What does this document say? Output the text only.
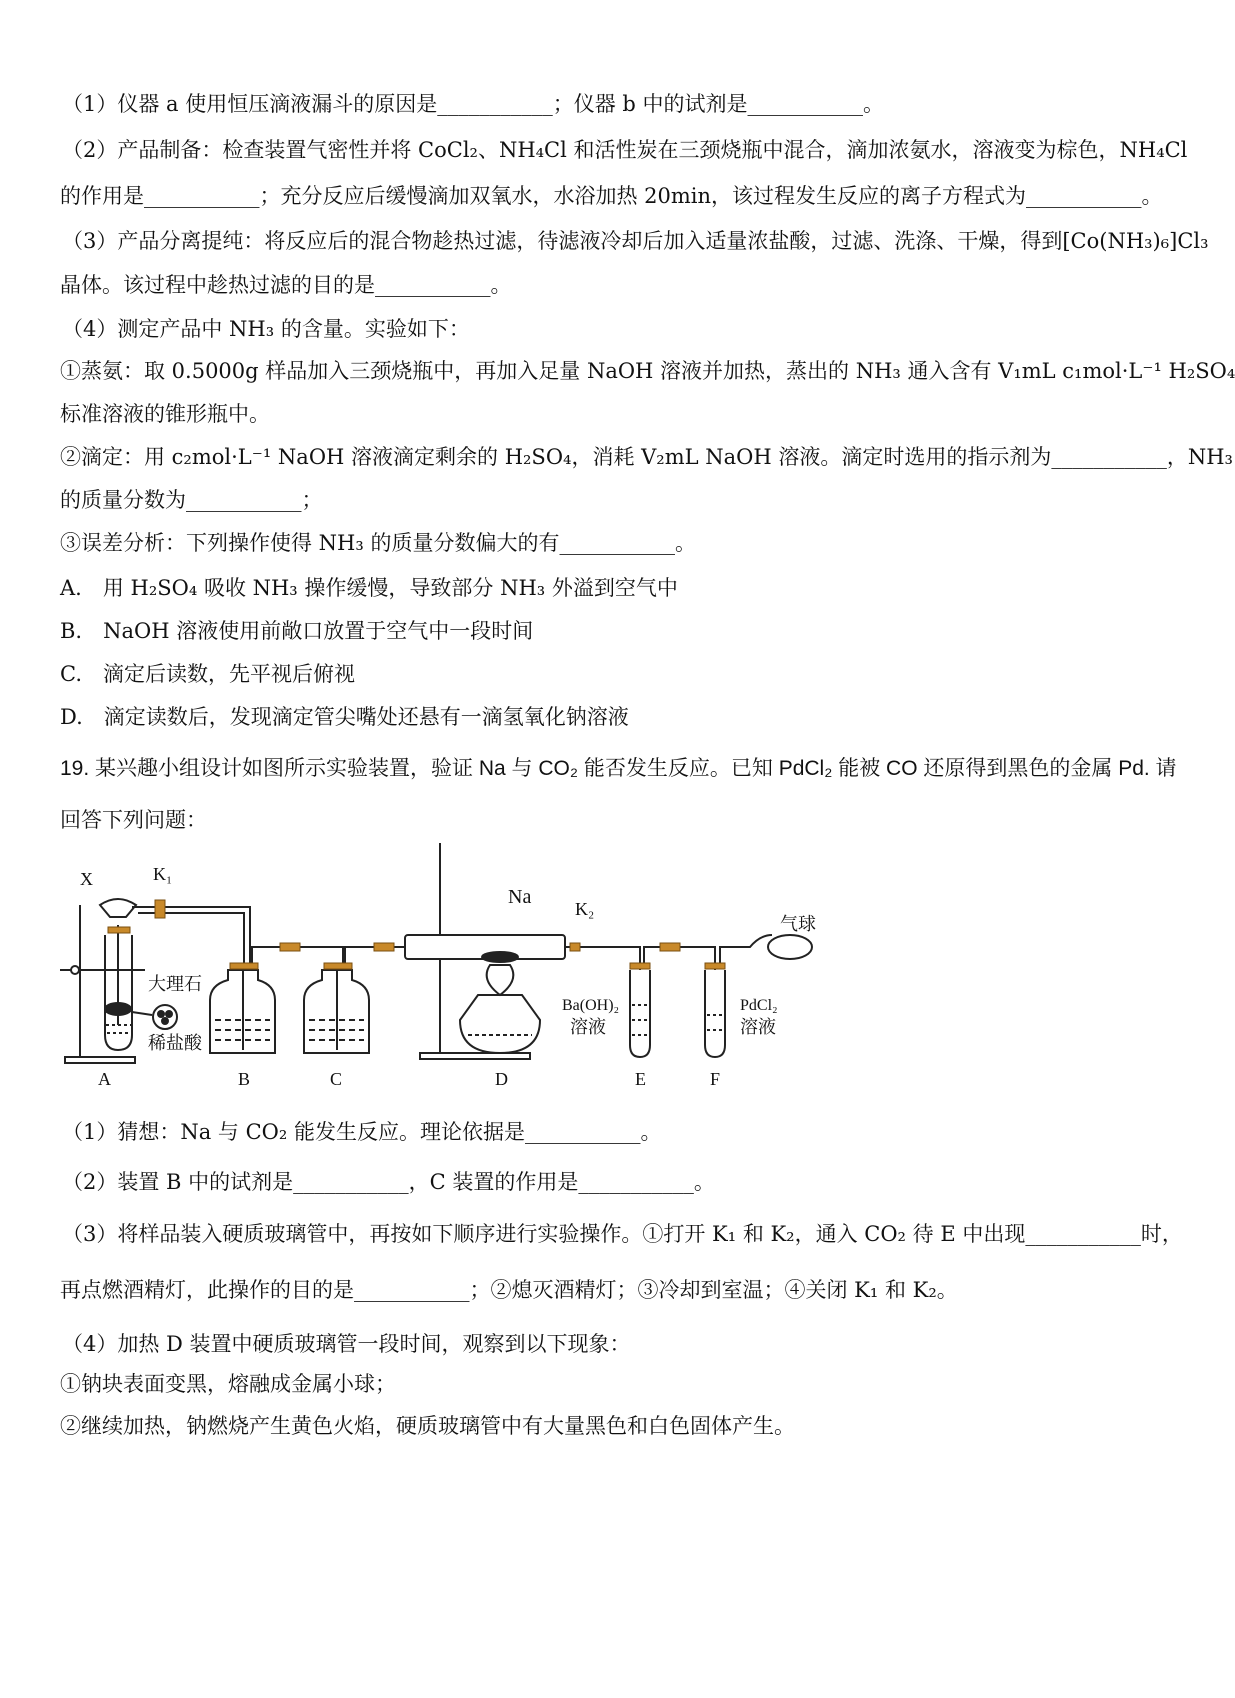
（1）仪器 a 使用恒压滴液漏斗的原因是___________；仪器 b 中的试剂是___________。
（2）产品制备：检查装置气密性并将 CoCl₂、NH₄Cl 和活性炭在三颈烧瓶中混合，滴加浓氨水，溶液变为棕色，NH₄Cl
的作用是___________；充分反应后缓慢滴加双氧水，水浴加热 20min，该过程发生反应的离子方程式为___________。
（3）产品分离提纯：将反应后的混合物趁热过滤，待滤液冷却后加入适量浓盐酸，过滤、洗涤、干燥，得到[Co(NH₃)₆]Cl₃
晶体。该过程中趁热过滤的目的是___________。
（4）测定产品中 NH₃ 的含量。实验如下：
①蒸氨：取 0.5000g 样品加入三颈烧瓶中，再加入足量 NaOH 溶液并加热，蒸出的 NH₃ 通入含有 V₁mL c₁mol·L⁻¹ H₂SO₄
标准溶液的锥形瓶中。
②滴定：用 c₂mol·L⁻¹ NaOH 溶液滴定剩余的 H₂SO₄，消耗 V₂mL NaOH 溶液。滴定时选用的指示剂为___________，NH₃
的质量分数为___________；
③误差分析：下列操作使得 NH₃ 的质量分数偏大的有___________。
A.　用 H₂SO₄ 吸收 NH₃ 操作缓慢，导致部分 NH₃ 外溢到空气中
B.　NaOH 溶液使用前敞口放置于空气中一段时间
C.　滴定后读数，先平视后俯视
D.　滴定读数后，发现滴定管尖嘴处还悬有一滴氢氧化钠溶液
19. 某兴趣小组设计如图所示实验装置，验证 Na 与 CO₂ 能否发生反应。已知 PdCl₂ 能被 CO 还原得到黑色的金属 Pd. 请
回答下列问题：
X	K₁
K₂
Na
气球
大理石
稀盐酸
Ba(OH)₂
溶液
PdCl₂
溶液
A	B	C	D	E	F
（1）猜想：Na 与 CO₂ 能发生反应。理论依据是___________。
（2）装置 B 中的试剂是___________，C 装置的作用是___________。
（3）将样品装入硬质玻璃管中，再按如下顺序进行实验操作。①打开 K₁ 和 K₂，通入 CO₂ 待 E 中出现___________时，
再点燃酒精灯，此操作的目的是___________；②熄灭酒精灯；③冷却到室温；④关闭 K₁ 和 K₂。
（4）加热 D 装置中硬质玻璃管一段时间，观察到以下现象：
①钠块表面变黑，熔融成金属小球；
②继续加热，钠燃烧产生黄色火焰，硬质玻璃管中有大量黑色和白色固体产生。
